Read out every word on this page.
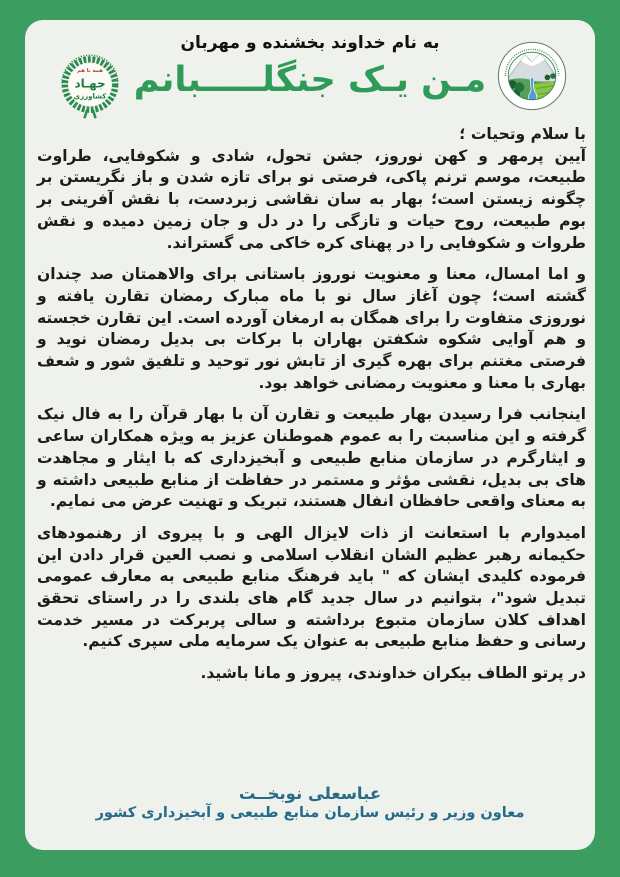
به نام خداوند بخشنده و مهربان
مـن یـک جنگلـــــبانم
همه با هم
جهـاد
کشاورزی

با سلام وتحیات ؛

آیین پرمهر و کهن نوروز، جشن تحول، شادی و شکوفایی، طراوت طبیعت، موسم ترنم پاکی، فرصتی نو برای تازه شدن و باز نگریستن بر چگونه زیستن است؛ بهار به سان نقاشی زبردست، با نقش آفرینی بر بوم طبیعت، روح حیات و تازگی را در دل و جان زمین دمیده و نقش طروات و شکوفایی را در پهنای کره خاکی می گستراند.

و اما امسال، معنا و معنویت نوروز باستانی برای والاهمتان صد چندان گشته است؛ چون آغاز سال نو با ماه مبارک رمضان تقارن یافته و نوروزی متفاوت را برای همگان به ارمغان آورده است. این تقارن خجسته و هم آوایی شکوه شکفتن بهاران با برکات بی بدیل رمضان نوید و فرصتی مغتنم برای بهره گیری از تابش نور توحید و تلفیق شور و شعف بهاری با معنا و معنویت رمضانی خواهد بود.

اینجانب فرا رسیدن بهار طبیعت و تقارن آن با بهار قرآن را به فال نیک گرفته و این مناسبت را به عموم هموطنان عزیز به ویژه همکاران ساعی و ایثارگرم در سازمان منابع طبیعی و آبخیزداری که با ایثار و مجاهدت های بی بدیل، نقشی مؤثر و مستمر در حفاظت از منابع طبیعی داشته و به معنای واقعی حافظان انفال هستند، تبریک و تهنیت عرض می نمایم.

امیدوارم با استعانت از ذات لایزال الهی و با پیروی از رهنمودهای حکیمانه رهبر عظیم الشان انقلاب اسلامی و نصب العین قرار دادن این فرموده کلیدی ایشان که " باید فرهنگ منابع طبیعی به معارف عمومی تبدیل شود"، بتوانیم در سال جدید گام های بلندی را در راستای تحقق اهداف کلان سازمان متبوع برداشته و سالی پربرکت در مسیر خدمت رسانی و حفظ منابع طبیعی به عنوان یک سرمایه ملی سپری کنیم.

در پرتو الطاف بیکران خداوندی، پیروز و مانا باشید.

عباسعلی نوبخــت
معاون وزیر و رئیس سازمان منابع طبیعی و آبخیزداری کشور
